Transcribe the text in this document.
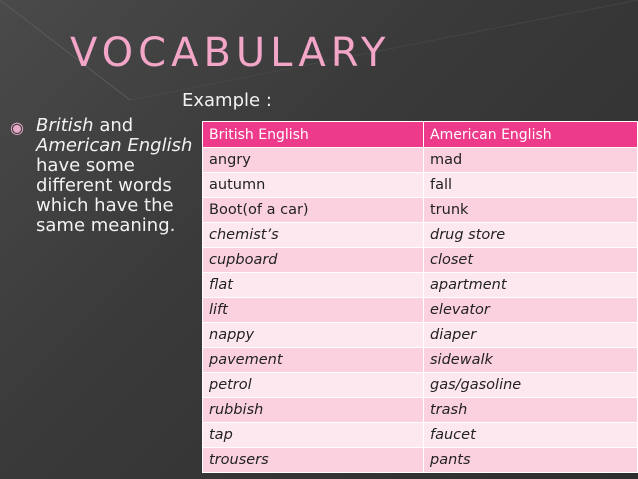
VOCABULARY
◉ British and American English have some different words which have the same meaning.
Example :
British English	American English
angry	mad
autumn	fall
Boot(of a car)	trunk
chemist’s	drug store
cupboard	closet
flat	apartment
lift	elevator
nappy	diaper
pavement	sidewalk
petrol	gas/gasoline
rubbish	trash
tap	faucet
trousers	pants
